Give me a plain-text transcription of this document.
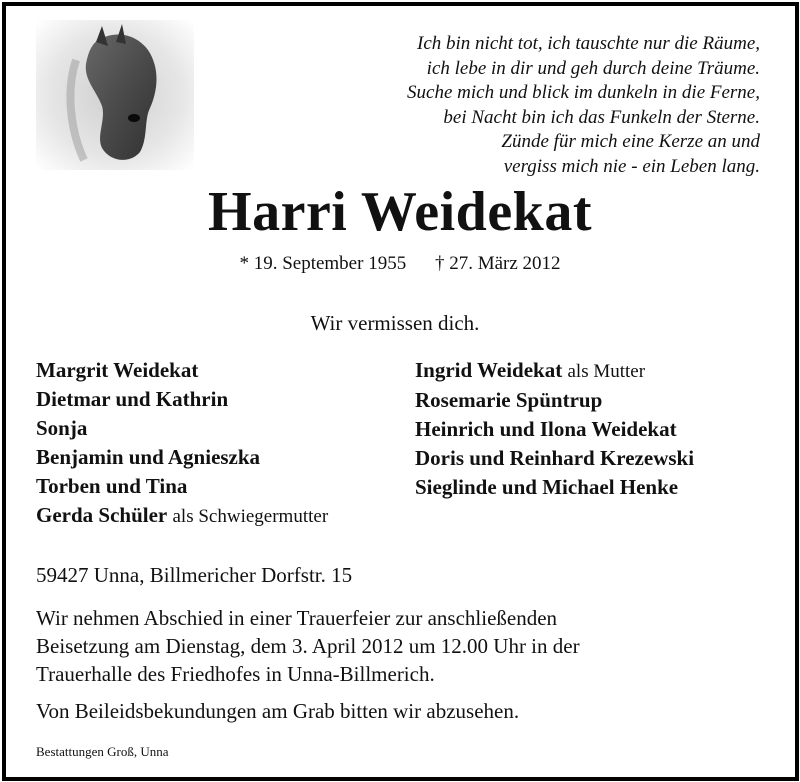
Ich bin nicht tot, ich tauschte nur die Räume,
ich lebe in dir und geh durch deine Träume.
Suche mich und blick im dunkeln in die Ferne,
bei Nacht bin ich das Funkeln der Sterne.
Zünde für mich eine Kerze an und
vergiss mich nie - ein Leben lang.
Harri Weidekat
* 19. September 1955 † 27. März 2012
Wir vermissen dich.
Margrit Weidekat
Dietmar und Kathrin
Sonja
Benjamin und Agnieszka
Torben und Tina
Gerda Schüler als Schwiegermutter
Ingrid Weidekat als Mutter
Rosemarie Spüntrup
Heinrich und Ilona Weidekat
Doris und Reinhard Krezewski
Sieglinde und Michael Henke
59427 Unna, Billmericher Dorfstr. 15
Wir nehmen Abschied in einer Trauerfeier zur anschließenden
Beisetzung am Dienstag, dem 3. April 2012 um 12.00 Uhr in der
Trauerhalle des Friedhofes in Unna-Billmerich.
Von Beileidsbekundungen am Grab bitten wir abzusehen.
Bestattungen Groß, Unna
